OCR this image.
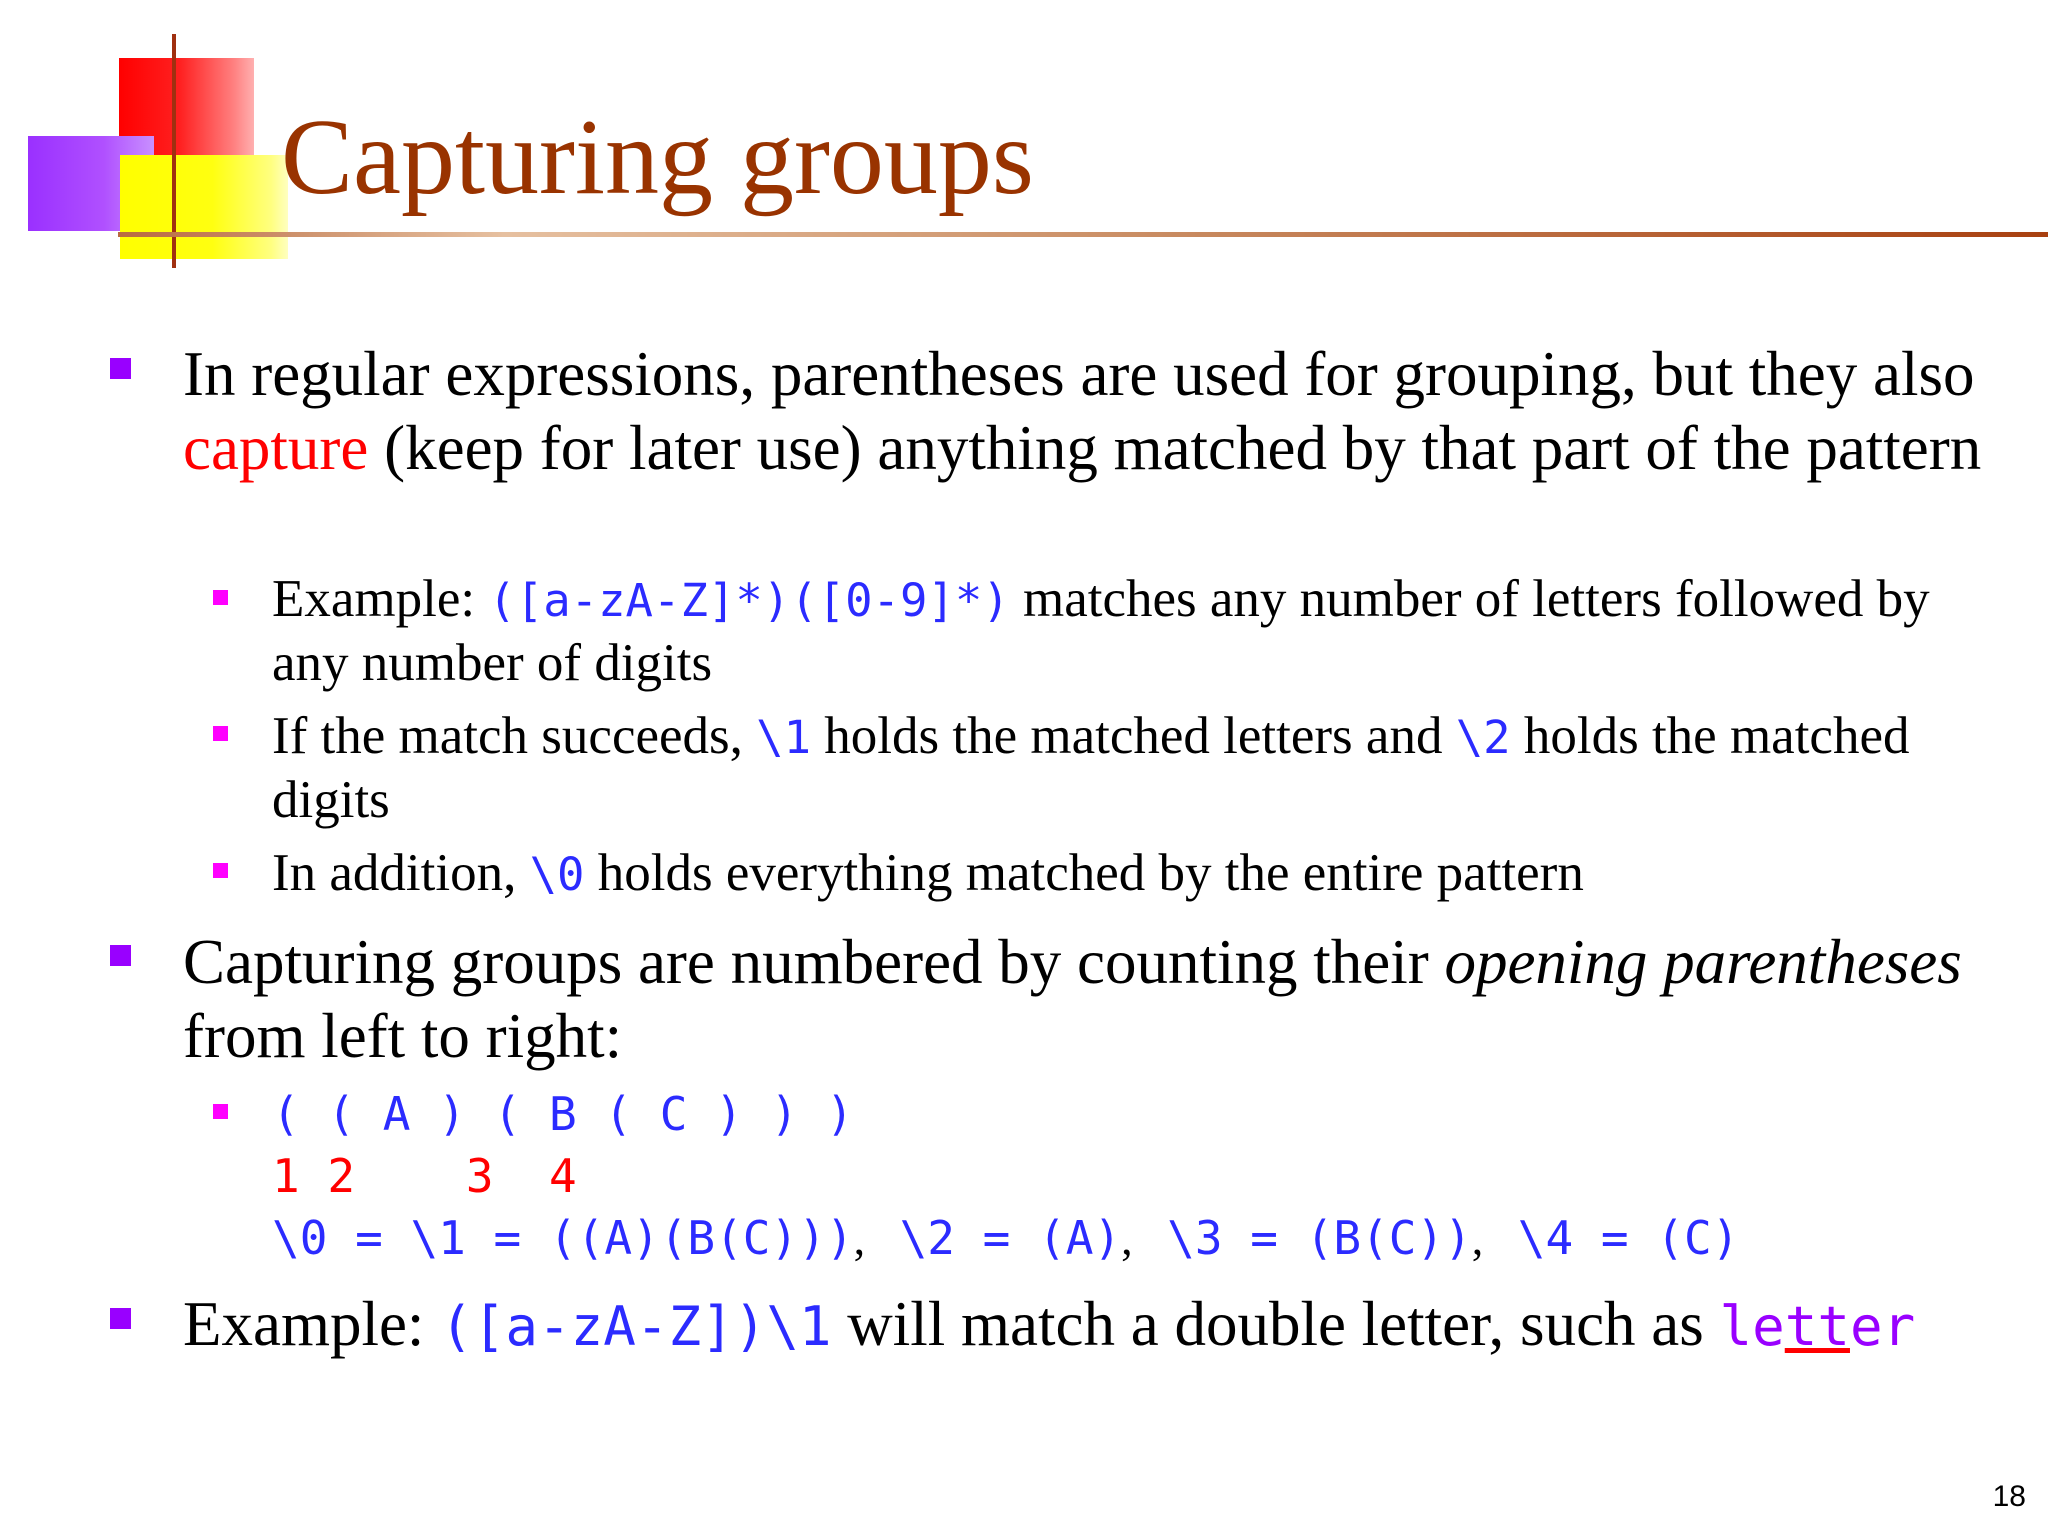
Capturing groups
In regular expressions, parentheses are used for grouping, but they also capture (keep for later use) anything matched by that part of the pattern
Example: ([a-zA-Z]*)([0-9]*) matches any number of letters followed by any number of digits
If the match succeeds, \1 holds the matched letters and \2 holds the matched digits
In addition, \0 holds everything matched by the entire pattern
Capturing groups are numbered by counting their opening parentheses from left to right:
( ( A ) ( B ( C ) ) )
1 2    3  4
\0 = \1 = ((A)(B(C))),   \2 = (A),   \3 = (B(C)),   \4 = (C)
Example: ([a-zA-Z])\1 will match a double letter, such as letter
18
